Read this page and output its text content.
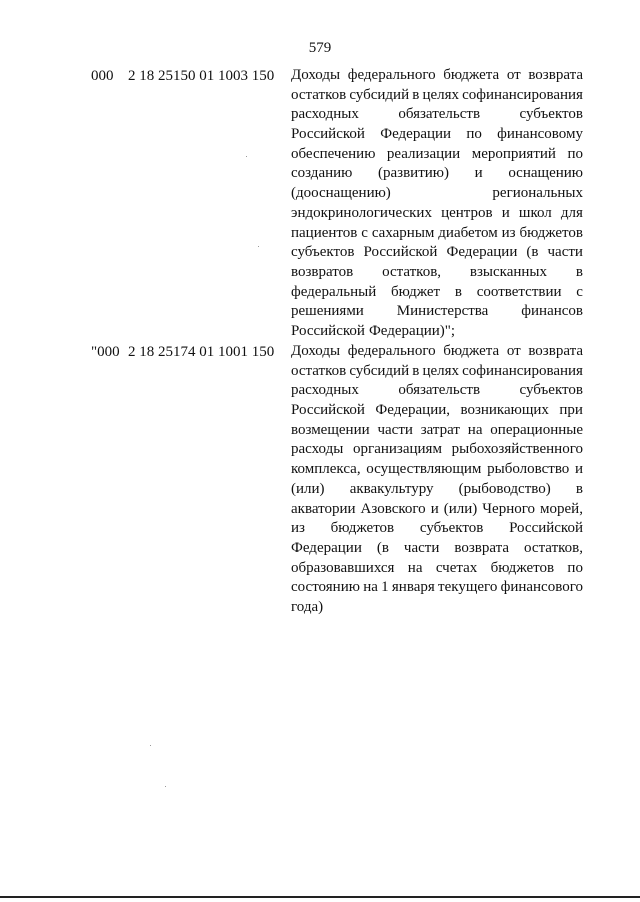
579
000 2 18 25150 01 1003 150 Доходы федерального бюджета от возврата
остатков субсидий в целях софинансирования
расходных	обязательств	субъектов
Российской Федерации по финансовому
обеспечению реализации мероприятий по
созданию (развитию) и оснащению
(дооснащению)	региональных
эндокринологических центров и школ для
пациентов с сахарным диабетом из бюджетов
субъектов Российской Федерации (в части
возвратов остатков, взысканных в
федеральный бюджет в соответствии с
решениями Министерства финансов
Российской Федерации)";
"000 2 18 25174 01 1001 150 Доходы федерального бюджета от возврата
остатков субсидий в целях софинансирования
расходных	обязательств	субъектов
Российской Федерации, возникающих при
возмещении части затрат на операционные
расходы организациям рыбохозяйственного
комплекса, осуществляющим рыболовство и
(или) аквакультуру (рыбоводство) в
акватории Азовского и (или) Черного морей,
из бюджетов субъектов Российской
Федерации (в части возврата остатков,
образовавшихся на счетах бюджетов по
состоянию на 1 января текущего финансового
года)
